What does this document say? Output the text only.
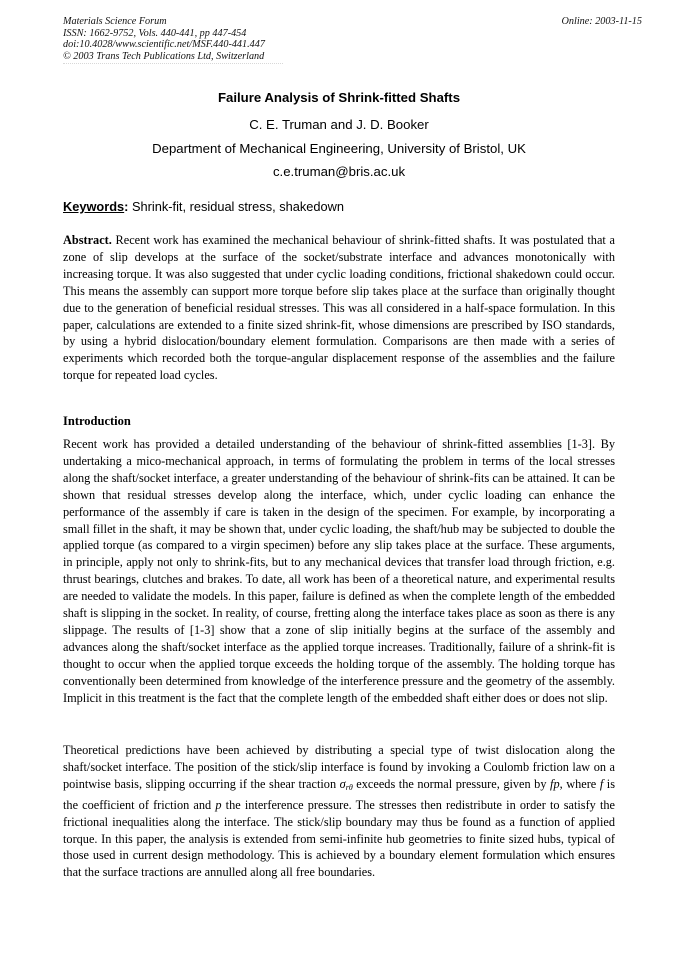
Materials Science Forum
ISSN: 1662-9752, Vols. 440-441, pp 447-454
doi:10.4028/www.scientific.net/MSF.440-441.447
© 2003 Trans Tech Publications Ltd, Switzerland
Online: 2003-11-15
Failure Analysis of Shrink-fitted Shafts
C. E. Truman and J. D. Booker
Department of Mechanical Engineering, University of Bristol, UK
c.e.truman@bris.ac.uk
Keywords: Shrink-fit, residual stress, shakedown
Abstract. Recent work has examined the mechanical behaviour of shrink-fitted shafts. It was postulated that a zone of slip develops at the surface of the socket/substrate interface and advances monotonically with increasing torque. It was also suggested that under cyclic loading conditions, frictional shakedown could occur. This means the assembly can support more torque before slip takes place at the surface than originally thought due to the generation of beneficial residual stresses. This was all considered in a half-space formulation. In this paper, calculations are extended to a finite sized shrink-fit, whose dimensions are prescribed by ISO standards, by using a hybrid dislocation/boundary element formulation. Comparisons are then made with a series of experiments which recorded both the torque-angular displacement response of the assemblies and the failure torque for repeated load cycles.
Introduction
Recent work has provided a detailed understanding of the behaviour of shrink-fitted assemblies [1-3]. By undertaking a mico-mechanical approach, in terms of formulating the problem in terms of the local stresses along the shaft/socket interface, a greater understanding of the behaviour of shrink-fits can be attained. It can be shown that residual stresses develop along the interface, which, under cyclic loading can enhance the performance of the assembly if care is taken in the design of the specimen. For example, by incorporating a small fillet in the shaft, it may be shown that, under cyclic loading, the shaft/hub may be subjected to double the applied torque (as compared to a virgin specimen) before any slip takes place at the surface. These arguments, in principle, apply not only to shrink-fits, but to any mechanical devices that transfer load through friction, e.g. thrust bearings, clutches and brakes. To date, all work has been of a theoretical nature, and experimental results are needed to validate the models. In this paper, failure is defined as when the complete length of the embedded shaft is slipping in the socket. In reality, of course, fretting along the interface takes place as soon as there is any slippage. The results of [1-3] show that a zone of slip initially begins at the surface of the assembly and advances along the shaft/socket interface as the applied torque increases. Traditionally, failure of a shrink-fit is thought to occur when the applied torque exceeds the holding torque of the assembly. The holding torque has conventionally been determined from knowledge of the interference pressure and the geometry of the assembly. Implicit in this treatment is the fact that the complete length of the embedded shaft either does or does not slip.
Theoretical predictions have been achieved by distributing a special type of twist dislocation along the shaft/socket interface. The position of the stick/slip interface is found by invoking a Coulomb friction law on a pointwise basis, slipping occurring if the shear traction $\sigma_{r\theta}$ exceeds the normal pressure, given by fp, where f is the coefficient of friction and p the interference pressure. The stresses then redistribute in order to satisfy the frictional inequalities along the interface. The stick/slip boundary may thus be found as a function of applied torque. In this paper, the analysis is extended from semi-infinite hub geometries to finite sized hubs, typical of those used in current design methodology. This is achieved by a boundary element formulation which ensures that the surface tractions are annulled along all free boundaries.
